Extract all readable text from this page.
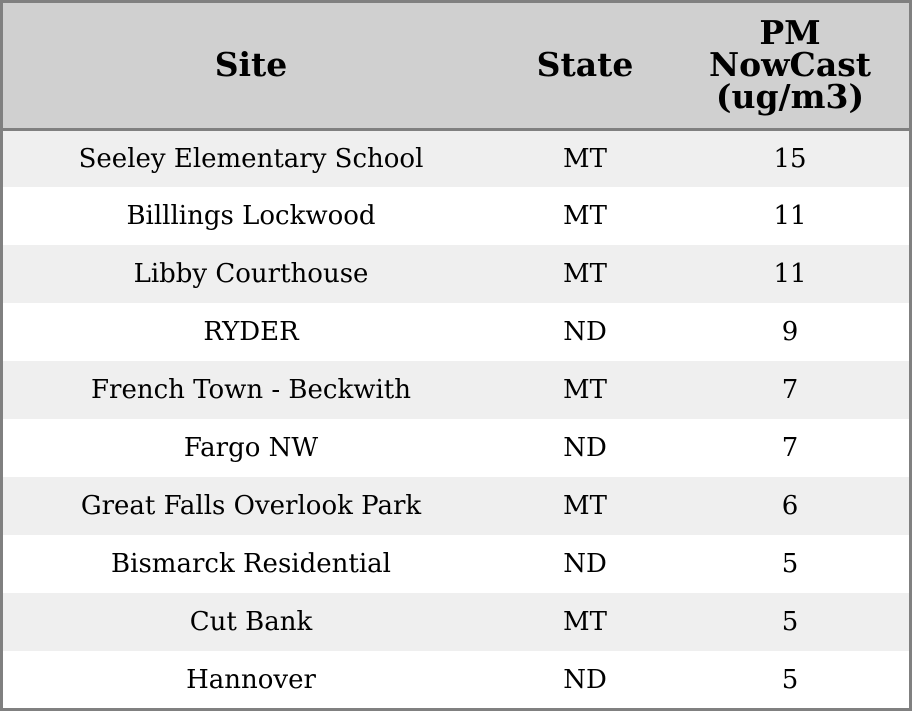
Site	State	PM
NowCast
(ug/m3)

Seeley Elementary School	MT	15
Billlings Lockwood	MT	11
Libby Courthouse	MT	11
RYDER	ND	9
French Town - Beckwith	MT	7
Fargo NW	ND	7
Great Falls Overlook Park	MT	6
Bismarck Residential	ND	5
Cut Bank	MT	5
Hannover	ND	5
